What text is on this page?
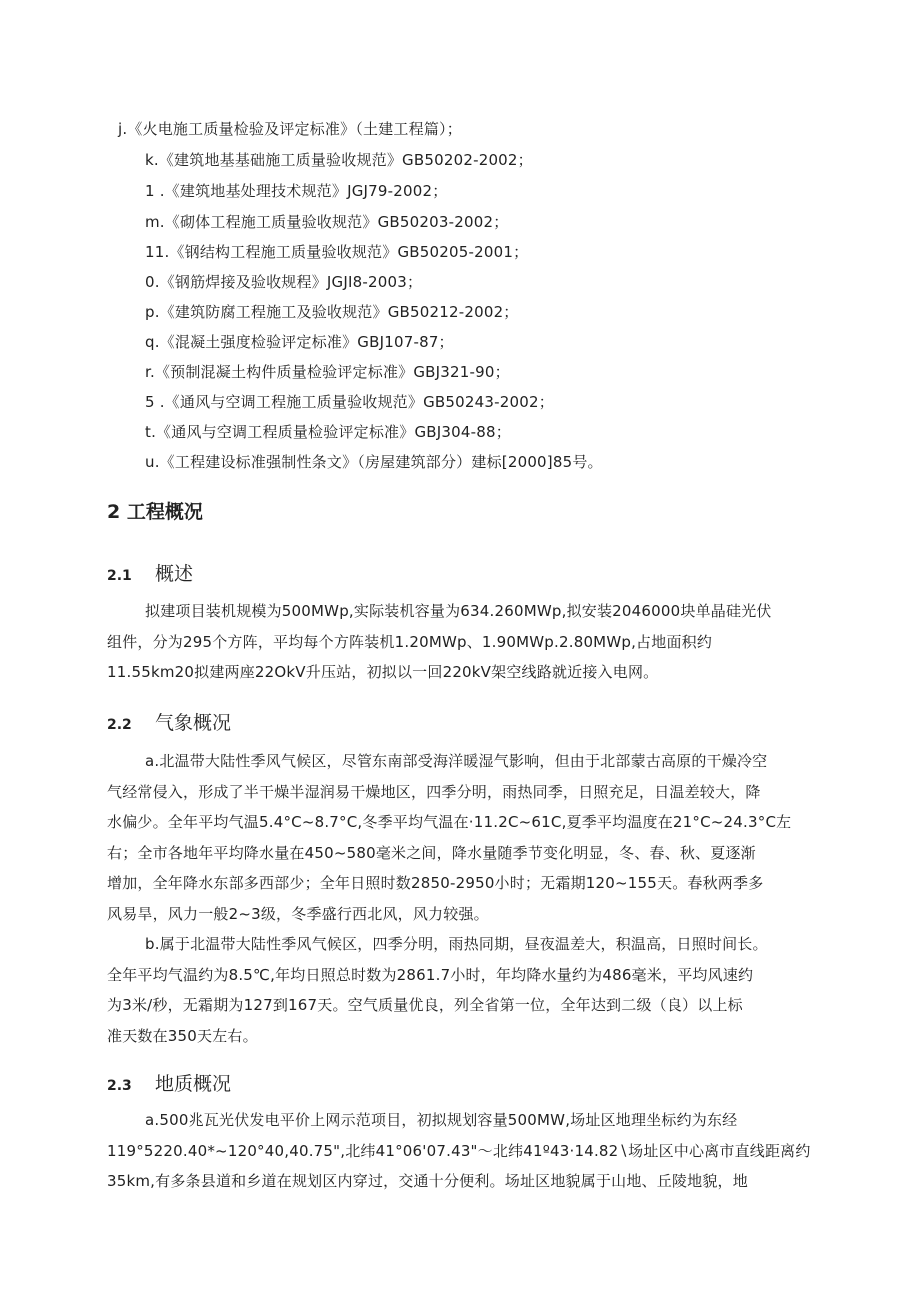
j.《火电施工质量检验及评定标准》（土建工程篇）；
k.《建筑地基基础施工质量验收规范》GB50202-2002；
1 .《建筑地基处理技术规范》JGJ79-2002；
m.《砌体工程施工质量验收规范》GB50203-2002；
11.《钢结构工程施工质量验收规范》GB50205-2001；
0.《钢筋焊接及验收规程》JGJI8-2003；
p.《建筑防腐工程施工及验收规范》GB50212-2002；
q.《混凝土强度检验评定标准》GBJ107-87；
r.《预制混凝土构件质量检验评定标准》GBJ321-90；
5 .《通风与空调工程施工质量验收规范》GB50243-2002；
t.《通风与空调工程质量检验评定标准》GBJ304-88；
u.《工程建设标准强制性条文》（房屋建筑部分）建标[2000]85号。
2 工程概况
2.1 概述
拟建项目装机规模为500MWp,实际装机容量为634.260MWp,拟安装2046000块单晶硅光伏
组件，分为295个方阵，平均每个方阵装机1.20MWp、1.90MWp.2.80MWp,占地面积约
11.55km20拟建两座22OkV升压站，初拟以一回220kV架空线路就近接入电网。
2.2 气象概况
a.北温带大陆性季风气候区，尽管东南部受海洋暖湿气影响，但由于北部蒙古高原的干燥冷空
气经常侵入，形成了半干燥半湿润易干燥地区，四季分明，雨热同季，日照充足，日温差较大，降
水偏少。全年平均气温5.4°C~8.7°C,冬季平均气温在·11.2C~61C,夏季平均温度在21°C~24.3°C左
右；全市各地年平均降水量在450~580毫米之间，降水量随季节变化明显，冬、春、秋、夏逐渐
增加，全年降水东部多西部少；全年日照时数2850-2950小时；无霜期120~155天。春秋两季多
风易旱，风力一般2~3级，冬季盛行西北风，风力较强。
b.属于北温带大陆性季风气候区，四季分明，雨热同期，昼夜温差大，积温高，日照时间长。
全年平均气温约为8.5℃,年均日照总时数为2861.7小时，年均降水量约为486毫米，平均风速约
为3米/秒，无霜期为127到167天。空气质量优良，列全省第一位，全年达到二级（良）以上标
准天数在350天左右。
2.3 地质概况
a.500兆瓦光伏发电平价上网示范项目，初拟规划容量500MW,场址区地理坐标约为东经
119°5220.40*~120°40,40.75",北纬41°06'07.43"～北纬41º43·14.82∖场址区中心离市直线距离约
35km,有多条县道和乡道在规划区内穿过，交通十分便利。场址区地貌属于山地、丘陵地貌，地
